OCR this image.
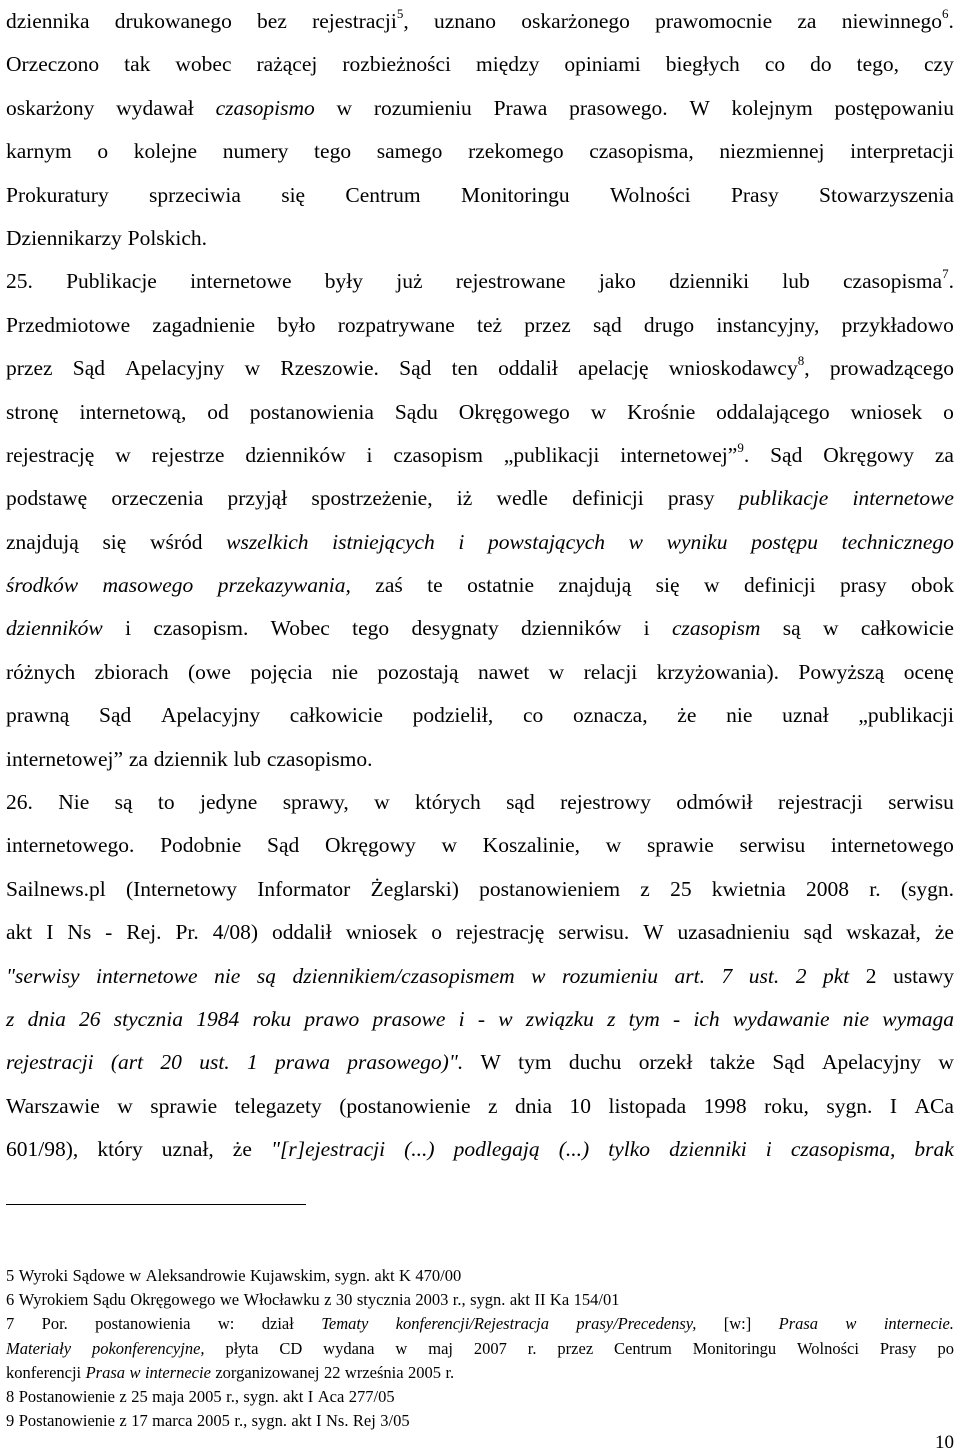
dziennika drukowanego bez rejestracji$^5$, uznano oskarżonego prawomocnie za niewinnego$^6$.
Orzeczono tak wobec rażącej rozbieżności między opiniami biegłych co do tego, czy
oskarżony wydawał czasopismo w rozumieniu Prawa prasowego. W kolejnym postępowaniu
karnym o kolejne numery tego samego rzekomego czasopisma, niezmiennej interpretacji
Prokuratury sprzeciwia się Centrum Monitoringu Wolności Prasy Stowarzyszenia
Dziennikarzy Polskich.
25. Publikacje internetowe były już rejestrowane jako dzienniki lub czasopisma$^7$.
Przedmiotowe zagadnienie było rozpatrywane też przez sąd drugo instancyjny, przykładowo
przez Sąd Apelacyjny w Rzeszowie. Sąd ten oddalił apelację wnioskodawcy$^8$, prowadzącego
stronę internetową, od postanowienia Sądu Okręgowego w Krośnie oddalającego wniosek o
rejestrację w rejestrze dzienników i czasopism „publikacji internetowej”$^9$. Sąd Okręgowy za
podstawę orzeczenia przyjął spostrzeżenie, iż wedle definicji prasy publikacje internetowe
znajdują się wśród wszelkich istniejących i powstających w wyniku postępu technicznego
środków masowego przekazywania, zaś te ostatnie znajdują się w definicji prasy obok
dzienników i czasopism. Wobec tego desygnaty dzienników i czasopism są w całkowicie
różnych zbiorach (owe pojęcia nie pozostają nawet w relacji krzyżowania). Powyższą ocenę
prawną Sąd Apelacyjny całkowicie podzielił, co oznacza, że nie uznał „publikacji
internetowej” za dziennik lub czasopismo.
26. Nie są to jedyne sprawy, w których sąd rejestrowy odmówił rejestracji serwisu
internetowego. Podobnie Sąd Okręgowy w Koszalinie, w sprawie serwisu internetowego
Sailnews.pl (Internetowy Informator Żeglarski) postanowieniem z 25 kwietnia 2008 r. (sygn.
akt I Ns - Rej. Pr. 4/08) oddalił wniosek o rejestrację serwisu. W uzasadnieniu sąd wskazał, że
"serwisy internetowe nie są dziennikiem/czasopismem w rozumieniu art. 7 ust. 2 pkt 2 ustawy
z dnia 26 stycznia 1984 roku prawo prasowe i - w związku z tym - ich wydawanie nie wymaga
rejestracji (art 20 ust. 1 prawa prasowego)". W tym duchu orzekł także Sąd Apelacyjny w
Warszawie w sprawie telegazety (postanowienie z dnia 10 listopada 1998 roku, sygn. I ACa
601/98), który uznał, że "[r]ejestracji (...) podlegają (...) tylko dzienniki i czasopisma, brak
5 Wyroki Sądowe w Aleksandrowie Kujawskim, sygn. akt K 470/00
6 Wyrokiem Sądu Okręgowego we Włocławku z 30 stycznia 2003 r., sygn. akt II Ka 154/01
7 Por. postanowienia w: dział Tematy konferencji/Rejestracja prasy/Precedensy, [w:] Prasa w internecie.
Materiały pokonferencyjne, płyta CD wydana w maj 2007 r. przez Centrum Monitoringu Wolności Prasy po
konferencji Prasa w internecie zorganizowanej 22 września 2005 r.
8 Postanowienie z 25 maja 2005 r., sygn. akt I Aca 277/05
9 Postanowienie z 17 marca 2005 r., sygn. akt I Ns. Rej 3/05
10
